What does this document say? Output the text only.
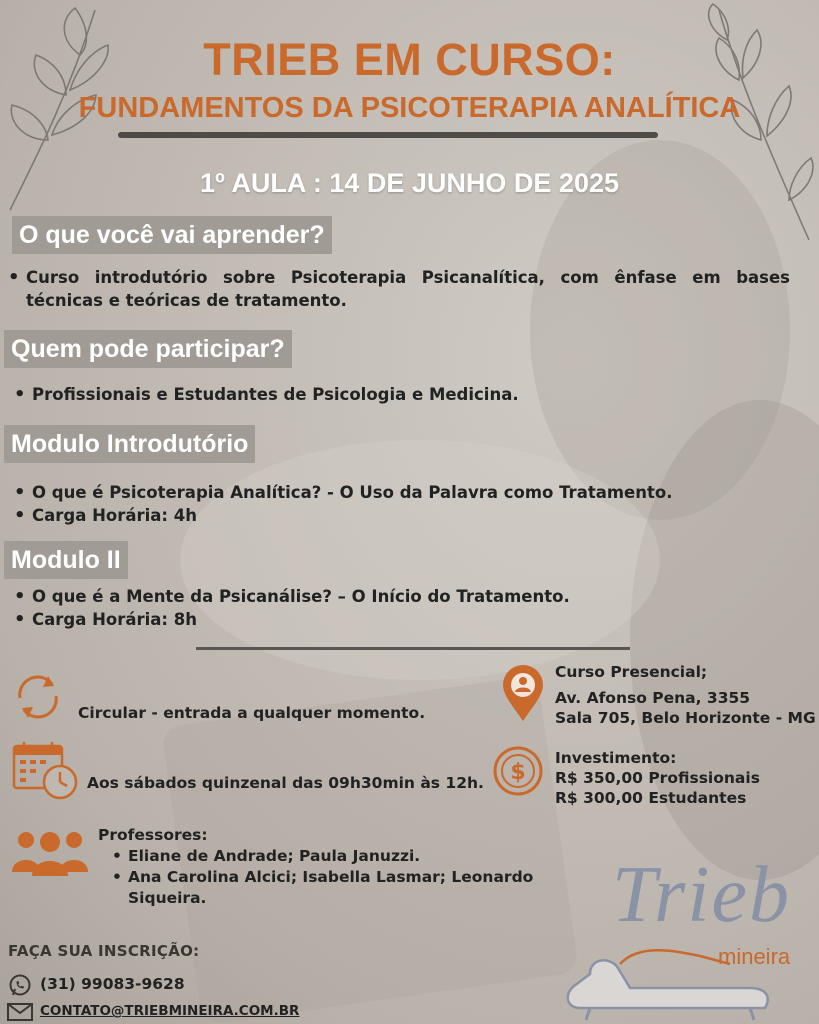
TRIEB EM CURSO:
FUNDAMENTOS DA PSICOTERAPIA ANALÍTICA
1º AULA : 14 DE JUNHO DE 2025
O que você vai aprender?
• Curso introdutório sobre Psicoterapia Psicanalítica, com ênfase em bases técnicas e teóricas de tratamento.
Quem pode participar?
• Profissionais e Estudantes de Psicologia e Medicina.
Modulo Introdutório
• O que é Psicoterapia Analítica? - O Uso da Palavra como Tratamento.
• Carga Horária: 4h
Modulo II
• O que é a Mente da Psicanálise? – O Início do Tratamento.
• Carga Horária: 8h
Circular - entrada a qualquer momento.
Aos sábados quinzenal das 09h30min às 12h.
Curso Presencial;
Av. Afonso Pena, 3355
Sala 705, Belo Horizonte - MG
$
Investimento:
R$ 350,00 Profissionais
R$ 300,00 Estudantes
Professores:
• Eliane de Andrade; Paula Januzzi.
• Ana Carolina Alcici; Isabella Lasmar; Leonardo Siqueira.
FAÇA SUA INSCRIÇÃO:
(31) 99083-9628
CONTATO@TRIEBMINEIRA.COM.BR
Trieb
mineira
